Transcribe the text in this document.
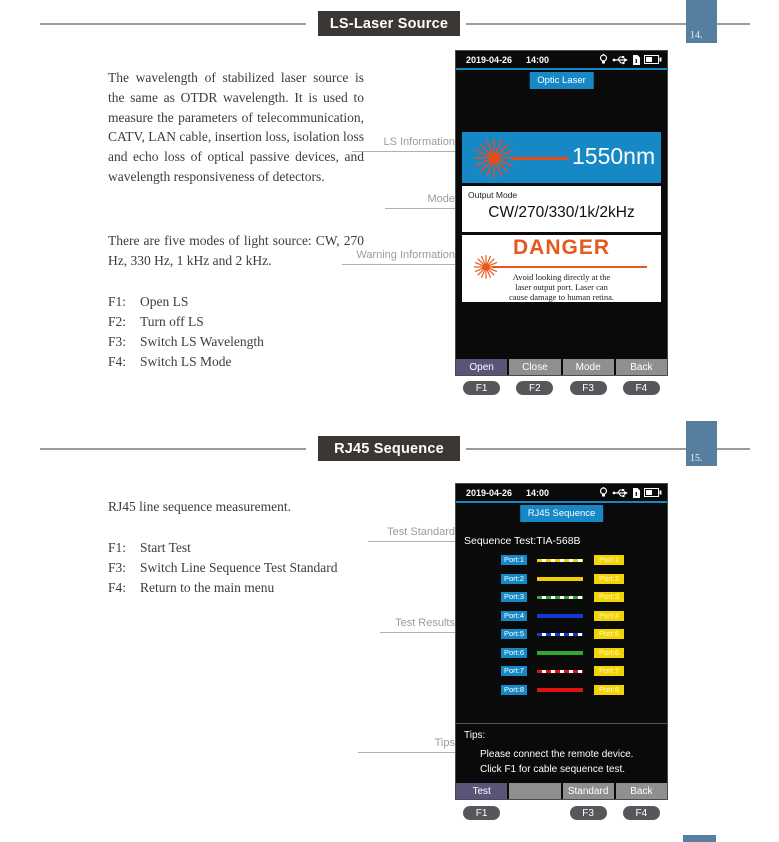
LS-Laser Source
14.
The wavelength of stabilized laser source is the same as OTDR wavelength. It is used to measure the parameters of telecommunication, CATV, LAN cable, insertion loss, isolation loss and echo loss of optical passive devices, and wavelength responsiveness of detectors.
There are five modes of light source: CW, 270 Hz, 330 Hz, 1 kHz and 2 kHz.
F1: Open LS
F2: Turn off LS
F3: Switch LS Wavelength
F4: Switch LS Mode
LS Information
Mode
Warning Information
2019-04-26 14:00
Optic Laser
1550nm
Output Mode
CW/270/330/1k/2kHz
DANGER
Avoid looking directly at the
laser output port. Laser can
cause damage to human retina.
Open	Close	Mode	Back
F1	F2	F3	F4
RJ45 Sequence
15.
RJ45 line sequence measurement.
F1: Start Test
F3: Switch Line Sequence Test Standard
F4: Return to the main menu
Test Standard
Test Results
Tips
2019-04-26 14:00
RJ45 Sequence
Sequence Test:TIA-568B
Port:1	Port:1
Port:2	Port:2
Port:3	Port:3
Port:4	Port:4
Port:5	Port:5
Port:6	Port:6
Port:7	Port:7
Port:8	Port:8
Tips:
Please connect the remote device.
Click F1 for cable sequence test.
Test	Standard	Back
F1	F3	F4
